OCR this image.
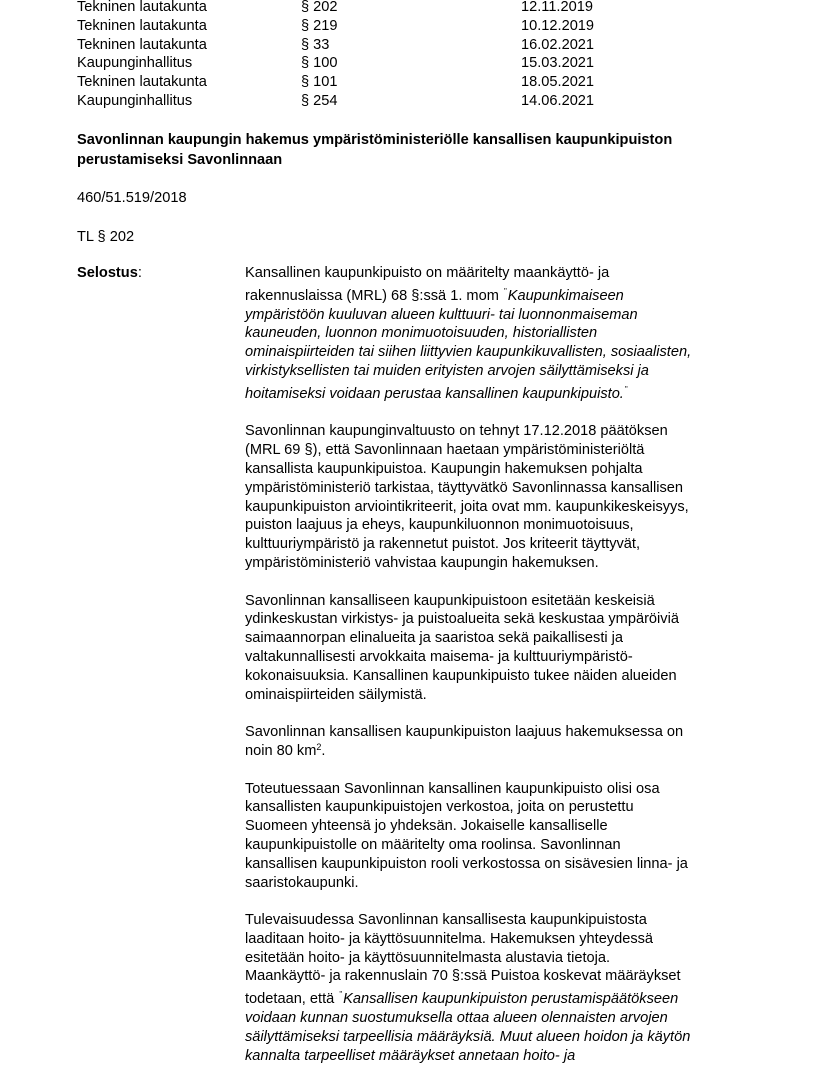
Tekninen lautakunta	§ 202	12.11.2019
Tekninen lautakunta	§ 219	10.12.2019
Tekninen lautakunta	§ 33	16.02.2021
Kaupunginhallitus	§ 100	15.03.2021
Tekninen lautakunta	§ 101	18.05.2021
Kaupunginhallitus	§ 254	14.06.2021
Savonlinnan kaupungin hakemus ympäristöministeriölle kansallisen kaupunkipuiston
perustamiseksi Savonlinnaan
460/51.519/2018
TL § 202
Selostus:	Kansallinen kaupunkipuisto on määritelty maankäyttö- ja
rakennuslaissa (MRL) 68 §:ssä 1. mom "Kaupunkimaiseen
ympäristöön kuuluvan alueen kulttuuri- tai luonnonmaiseman
kauneuden, luonnon monimuotoisuuden, historiallisten
ominaispiirteiden tai siihen liittyvien kaupunkikuvallisten, sosiaalisten,
virkistyksellisten tai muiden erityisten arvojen säilyttämiseksi ja
hoitamiseksi voidaan perustaa kansallinen kaupunkipuisto."
Savonlinnan kaupunginvaltuusto on tehnyt 17.12.2018 päätöksen
(MRL 69 §), että Savonlinnaan haetaan ympäristöministeriöltä
kansallista kaupunkipuistoa. Kaupungin hakemuksen pohjalta
ympäristöministeriö tarkistaa, täyttyvätkö Savonlinnassa kansallisen
kaupunkipuiston arviointikriteerit, joita ovat mm. kaupunkikeskeisyys,
puiston laajuus ja eheys, kaupunkiluonnon monimuotoisuus,
kulttuuriympäristö ja rakennetut puistot. Jos kriteerit täyttyvät,
ympäristöministeriö vahvistaa kaupungin hakemuksen.
Savonlinnan kansalliseen kaupunkipuistoon esitetään keskeisiä
ydinkeskustan virkistys- ja puistoalueita sekä keskustaa ympäröiviä
saimaannorpan elinalueita ja saaristoa sekä paikallisesti ja
valtakunnallisesti arvokkaita maisema- ja kulttuuriympäristö-
kokonaisuuksia. Kansallinen kaupunkipuisto tukee näiden alueiden
ominaispiirteiden säilymistä.
Savonlinnan kansallisen kaupunkipuiston laajuus hakemuksessa on
noin 80 $km^2$.
Toteutuessaan Savonlinnan kansallinen kaupunkipuisto olisi osa
kansallisten kaupunkipuistojen verkostoa, joita on perustettu
Suomeen yhteensä jo yhdeksän. Jokaiselle kansalliselle
kaupunkipuistolle on määritelty oma roolinsa. Savonlinnan
kansallisen kaupunkipuiston rooli verkostossa on sisävesien linna- ja
saaristokaupunki.
Tulevaisuudessa Savonlinnan kansallisesta kaupunkipuistosta
laaditaan hoito- ja käyttösuunnitelma. Hakemuksen yhteydessä
esitetään hoito- ja käyttösuunnitelmasta alustavia tietoja.
Maankäyttö- ja rakennuslain 70 §:ssä Puistoa koskevat määräykset
todetaan, että "Kansallisen kaupunkipuiston perustamispäätökseen
voidaan kunnan suostumuksella ottaa alueen olennaisten arvojen
säilyttämiseksi tarpeellisia määräyksiä. Muut alueen hoidon ja käytön
kannalta tarpeelliset määräykset annetaan hoito- ja
